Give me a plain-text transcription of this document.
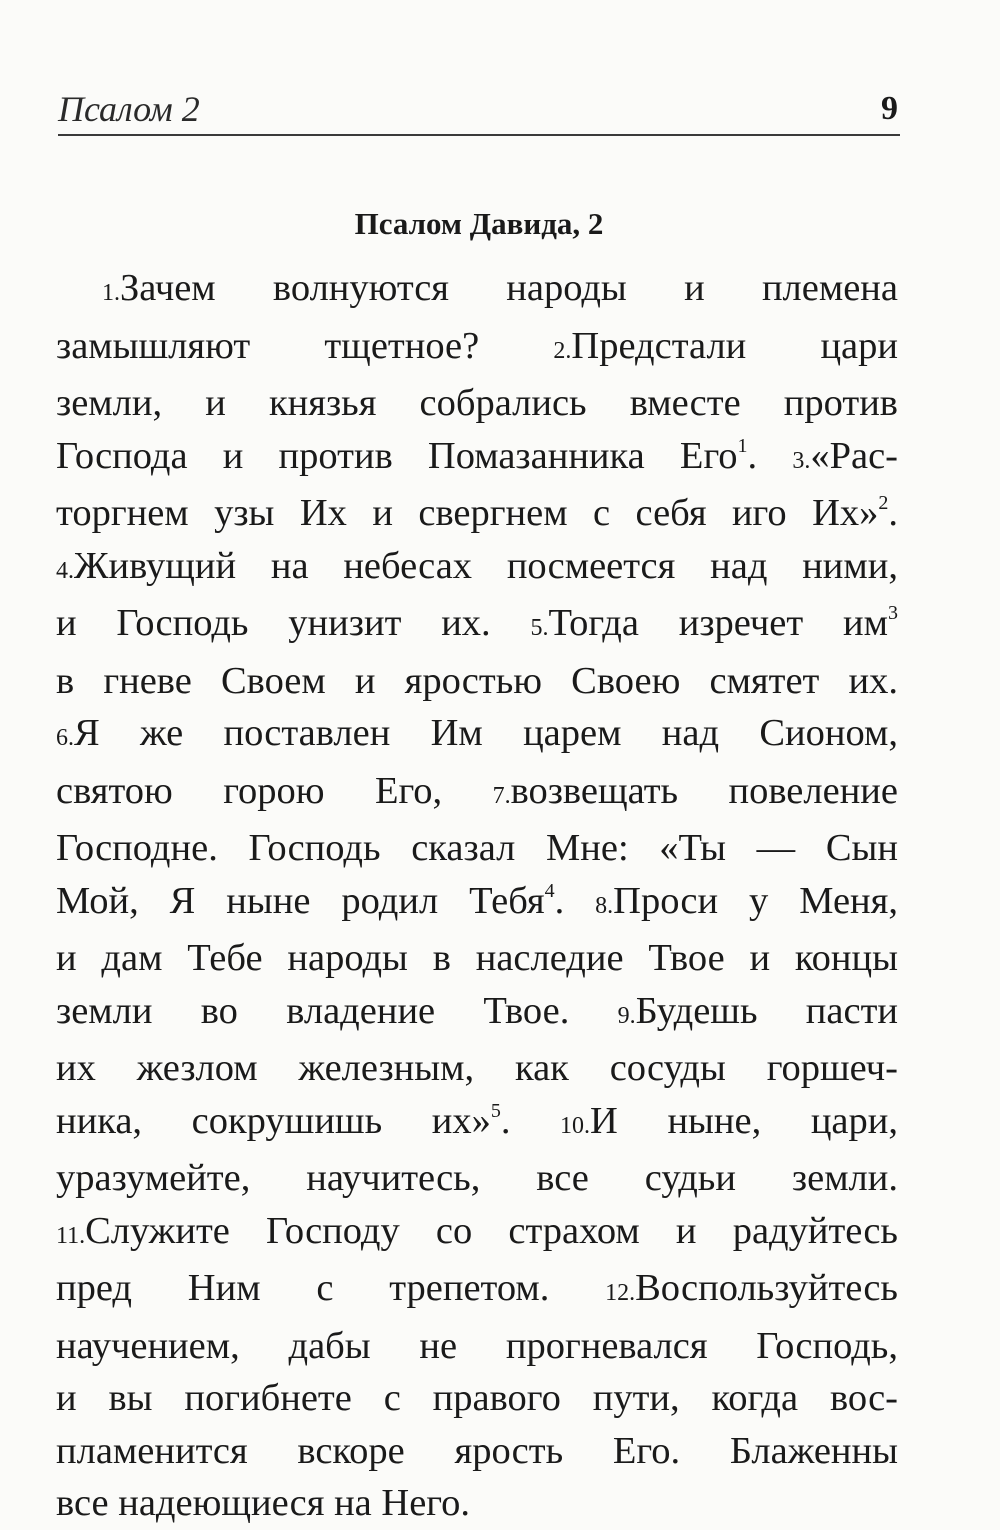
Псалом 2	9
Псалом Давида, 2
1.Зачем волнуются народы и племена
замышляют тщетное? 2.Предстали цари
земли, и князья собрались вместе против
Господа и против Помазанника Его$^1$. 3.«Рас-
торгнем узы Их и свергнем с себя иго Их»$^2$.
4.Живущий на небесах посмеется над ними,
и Господь унизит их. 5.Тогда изречет $им^3$
в гневе Своем и яростью Своею смятет их.
6.Я же поставлен Им царем над Сионом,
святою горою Его, 7.возвещать повеление
Господне. Господь сказал Мне: «Ты — Сын
Мой, Я ныне родил Тебя$^4$. 8.Проси у Меня,
и дам Тебе народы в наследие Твое и концы
земли во владение Твое. 9.Будешь пасти
их жезлом железным, как сосуды горшеч-
ника, сокрушишь их»$^5$. 10.И ныне, цари,
уразумейте, научитесь, все судьи земли.
11.Служите Господу со страхом и радуйтесь
пред Ним с трепетом. 12.Воспользуйтесь
научением, дабы не прогневался Господь,
и вы погибнете с правого пути, когда вос-
пламенится вскоре ярость Его. Блаженны
все надеющиеся на Него.
